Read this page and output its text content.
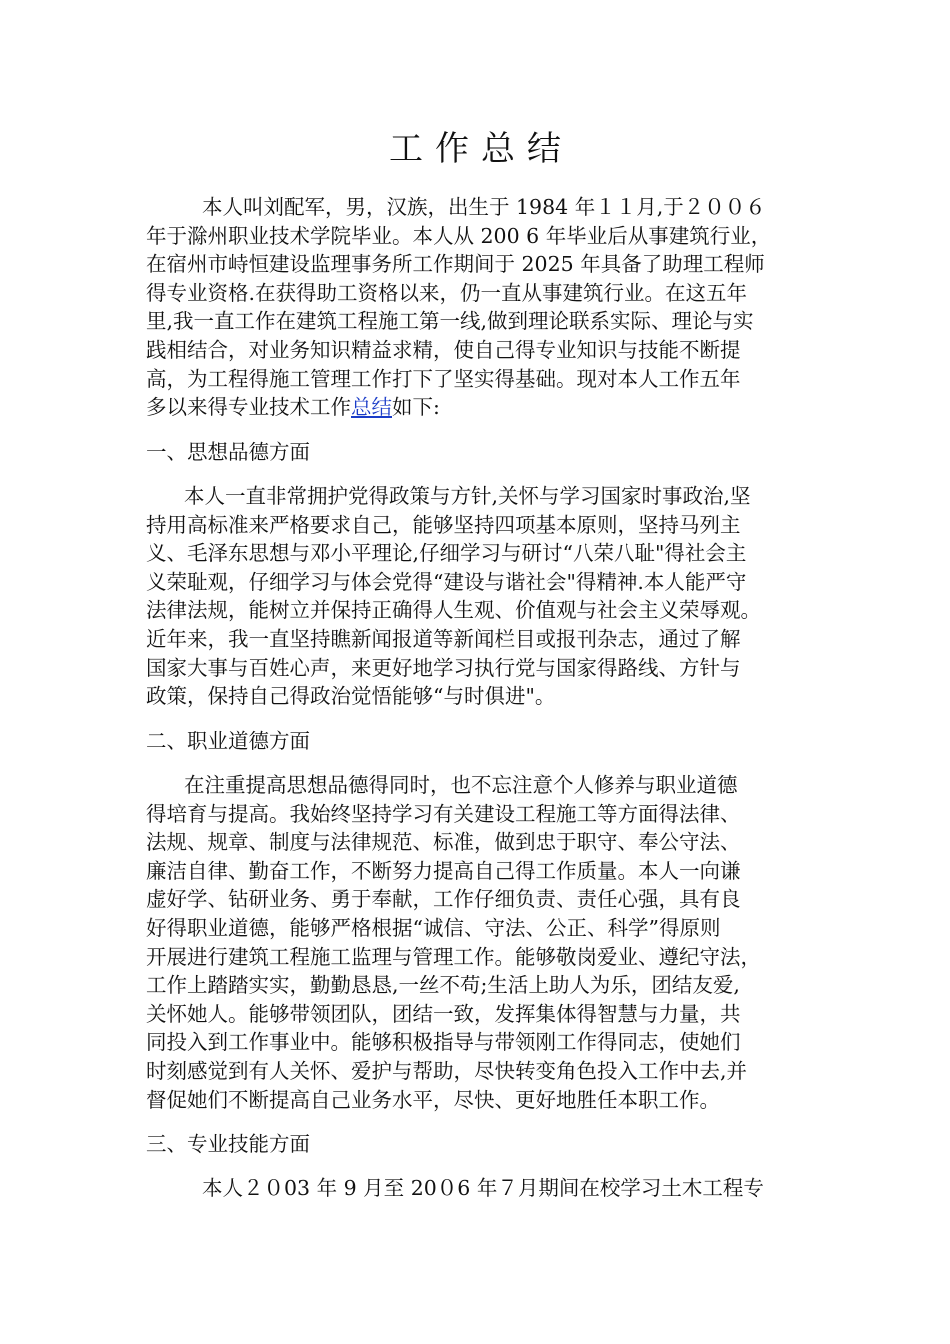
工作总结
本人叫刘配军，男，汉族，出生于 1984 年１１月,于２００６
年于滁州职业技术学院毕业。本人从 200 6 年毕业后从事建筑行业，
在宿州市峙恒建设监理事务所工作期间于 2025 年具备了助理工程师
得专业资格.在获得助工资格以来，仍一直从事建筑行业。在这五年
里,我一直工作在建筑工程施工第一线,做到理论联系实际、理论与实
践相结合，对业务知识精益求精，使自己得专业知识与技能不断提
高，为工程得施工管理工作打下了坚实得基础。现对本人工作五年
多以来得专业技术工作总结如下:
一、思想品德方面
本人一直非常拥护党得政策与方针,关怀与学习国家时事政治,坚
持用高标准来严格要求自己，能够坚持四项基本原则，坚持马列主
义、毛泽东思想与邓小平理论,仔细学习与研讨“八荣八耻"得社会主
义荣耻观，仔细学习与体会党得“建设与谐社会"得精神.本人能严守
法律法规，能树立并保持正确得人生观、价值观与社会主义荣辱观。
近年来，我一直坚持瞧新闻报道等新闻栏目或报刊杂志，通过了解
国家大事与百姓心声，来更好地学习执行党与国家得路线、方针与
政策，保持自己得政治觉悟能够“与时俱进"。
二、职业道德方面
在注重提高思想品德得同时，也不忘注意个人修养与职业道德
得培育与提高。我始终坚持学习有关建设工程施工等方面得法律、
法规、规章、制度与法律规范、标准，做到忠于职守、奉公守法、
廉洁自律、勤奋工作，不断努力提高自己得工作质量。本人一向谦
虚好学、钻研业务、勇于奉献，工作仔细负责、责任心强，具有良
好得职业道德，能够严格根据“诚信、守法、公正、科学”得原则
开展进行建筑工程施工监理与管理工作。能够敬岗爱业、遵纪守法，
工作上踏踏实实，勤勤恳恳,一丝不苟;生活上助人为乐，团结友爱,
关怀她人。能够带领团队，团结一致，发挥集体得智慧与力量，共
同投入到工作事业中。能够积极指导与带领刚工作得同志，使她们
时刻感觉到有人关怀、爱护与帮助，尽快转变角色投入工作中去,并
督促她们不断提高自己业务水平，尽快、更好地胜任本职工作。
三、专业技能方面
本人２０03 年 9 月至 20０6 年７月期间在校学习土木工程专
